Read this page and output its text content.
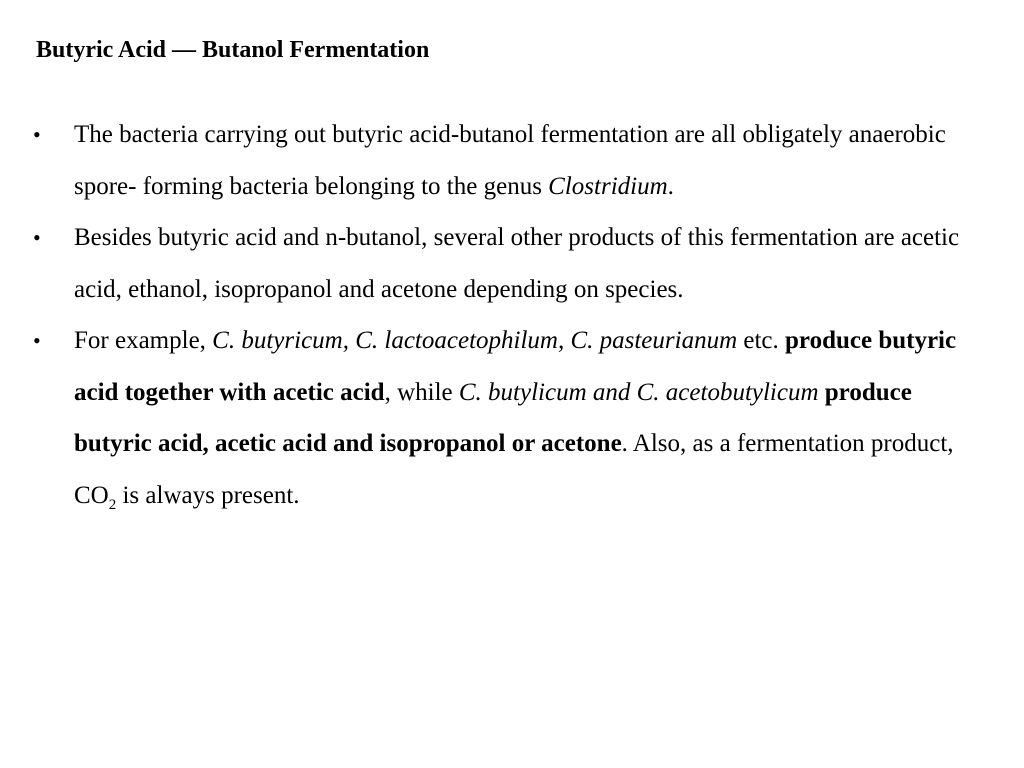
Butyric Acid — Butanol Fermentation
• The bacteria carrying out butyric acid-butanol fermentation are all obligately anaerobic spore- forming bacteria belonging to the genus Clostridium.
• Besides butyric acid and n-butanol, several other products of this fermentation are acetic acid, ethanol, isopropanol and acetone depending on species.
• For example, C. butyricum, C. lactoacetophilum, C. pasteurianum etc. produce butyric acid together with acetic acid, while C. butylicum and C. acetobutylicum produce butyric acid, acetic acid and isopropanol or acetone. Also, as a fermentation product, $CO_2$ is always present.
